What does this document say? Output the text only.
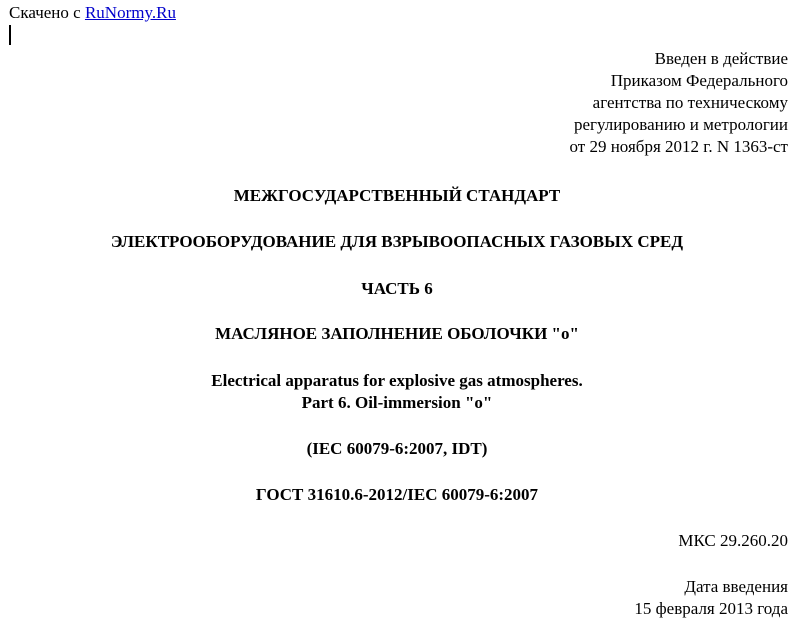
Скачено с RuNormy.Ru
Введен в действие
Приказом Федерального
агентства по техническому
регулированию и метрологии
от 29 ноября 2012 г. N 1363-ст
МЕЖГОСУДАРСТВЕННЫЙ СТАНДАРТ
ЭЛЕКТРООБОРУДОВАНИЕ ДЛЯ ВЗРЫВООПАСНЫХ ГАЗОВЫХ СРЕД
ЧАСТЬ 6
МАСЛЯНОЕ ЗАПОЛНЕНИЕ ОБОЛОЧКИ "о"
Electrical apparatus for explosive gas atmospheres.
Part 6. Oil-immersion "o"
(IEC 60079-6:2007, IDT)
ГОСТ 31610.6-2012/IEC 60079-6:2007
МКС 29.260.20
Дата введения
15 февраля 2013 года
